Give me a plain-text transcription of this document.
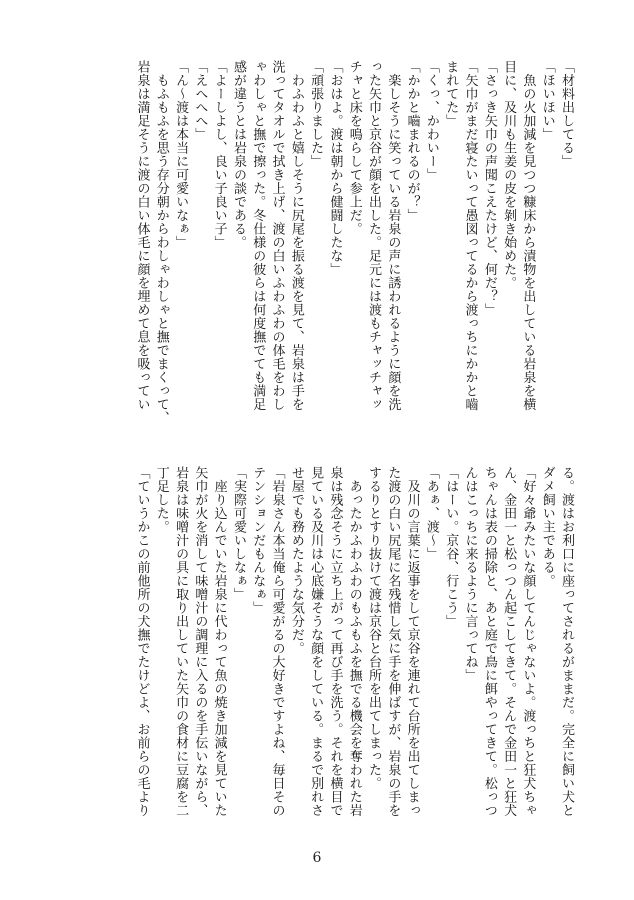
「材料出してる」
「ほいほい」
　魚の火加減を見つつ糠床から漬物を出している岩泉を横
目に、及川も生姜の皮を剝き始めた。
「さっき矢巾の声聞こえたけど、何だ？」
「矢巾がまだ寝たいって愚図ってるから渡っちにかかと嚙
まれてた」
「くっ、かわいー」
「かかと嚙まれるのが？」
　楽しそうに笑っている岩泉の声に誘われるように顔を洗
った矢巾と京谷が顔を出した。足元には渡もチャッチャッ
チャと床を鳴らして参上だ。
「おはよ。渡は朝から健闘したな」
「頑張りました」
　わふわふと嬉しそうに尻尾を振る渡を見て、岩泉は手を
洗ってタオルで拭き上げ、渡の白いふわふわの体毛をわし
ゃわしゃと撫で擦った。冬仕様の彼らは何度撫でても満足
感が違うとは岩泉の談である。
「よーしよし、良い子良い子」
「えへへへ」
「ん〜渡は本当に可愛いなぁ」
　もふもふを思う存分朝からわしゃわしゃと撫でまくって、
岩泉は満足そうに渡の白い体毛に顔を埋めて息を吸ってい
る。渡はお利口に座ってされるがままだ。完全に飼い犬と
ダメ飼い主である。
「好々爺みたいな顔してんじゃないよ。渡っちと狂犬ちゃ
ん、金田一と松っつん起こしてきて。そんで金田一と狂犬
ちゃんは表の掃除と、あと庭で鳥に餌やってきて。松っつ
んはこっちに来るように言ってね」
「はーい。京谷、行こう」
「あぁ、渡〜」
　及川の言葉に返事をして京谷を連れて台所を出てしまっ
た渡の白い尻尾に名残惜し気に手を伸ばすが、岩泉の手を
するりとすり抜けて渡は京谷と台所を出てしまった。
　あったかふわふわのもふもふを撫でる機会を奪われた岩
泉は残念そうに立ち上がって再び手を洗う。それを横目で
見ている及川は心底嫌そうな顔をしている。まるで別れさ
せ屋でも務めたような気分だ。
「岩泉さん本当俺ら可愛がるの大好きですよね、毎日その
テンションだもんなぁ」
「実際可愛いしなぁ」
　座り込んでいた岩泉に代わって魚の焼き加減を見ていた
矢巾が火を消して味噌汁の調理に入るのを手伝いながら、
岩泉は味噌汁の具に取り出していた矢巾の食材に豆腐を二
丁足した。
「ていうかこの前他所の犬撫でたけどよ、お前らの毛より
6
